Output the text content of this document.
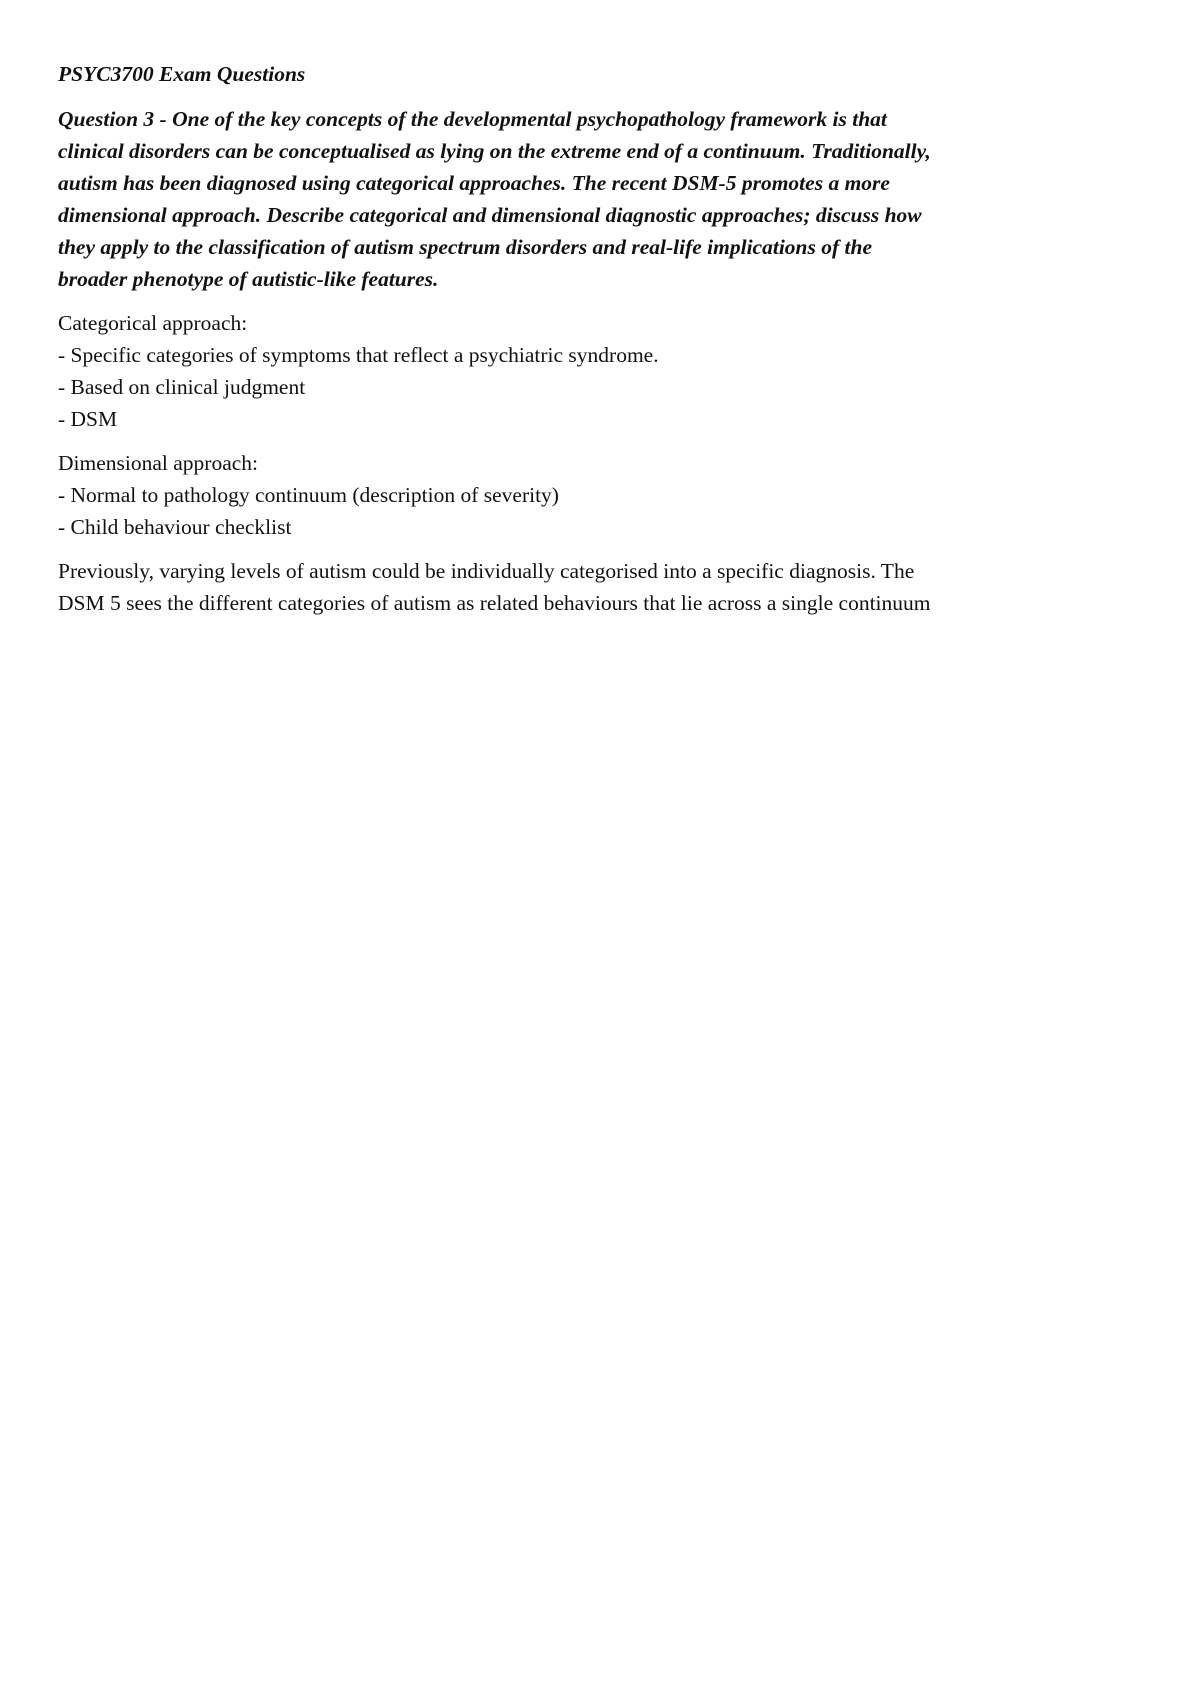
PSYC3700 Exam Questions
Question 3 - One of the key concepts of the developmental psychopathology framework is that
clinical disorders can be conceptualised as lying on the extreme end of a continuum. Traditionally,
autism has been diagnosed using categorical approaches. The recent DSM-5 promotes a more
dimensional approach. Describe categorical and dimensional diagnostic approaches; discuss how
they apply to the classification of autism spectrum disorders and real-life implications of the
broader phenotype of autistic-like features.
Categorical approach:
- Specific categories of symptoms that reflect a psychiatric syndrome.
- Based on clinical judgment
- DSM
Dimensional approach:
- Normal to pathology continuum (description of severity)
- Child behaviour checklist
Previously, varying levels of autism could be individually categorised into a specific diagnosis. The
DSM 5 sees the different categories of autism as related behaviours that lie across a single continuum
